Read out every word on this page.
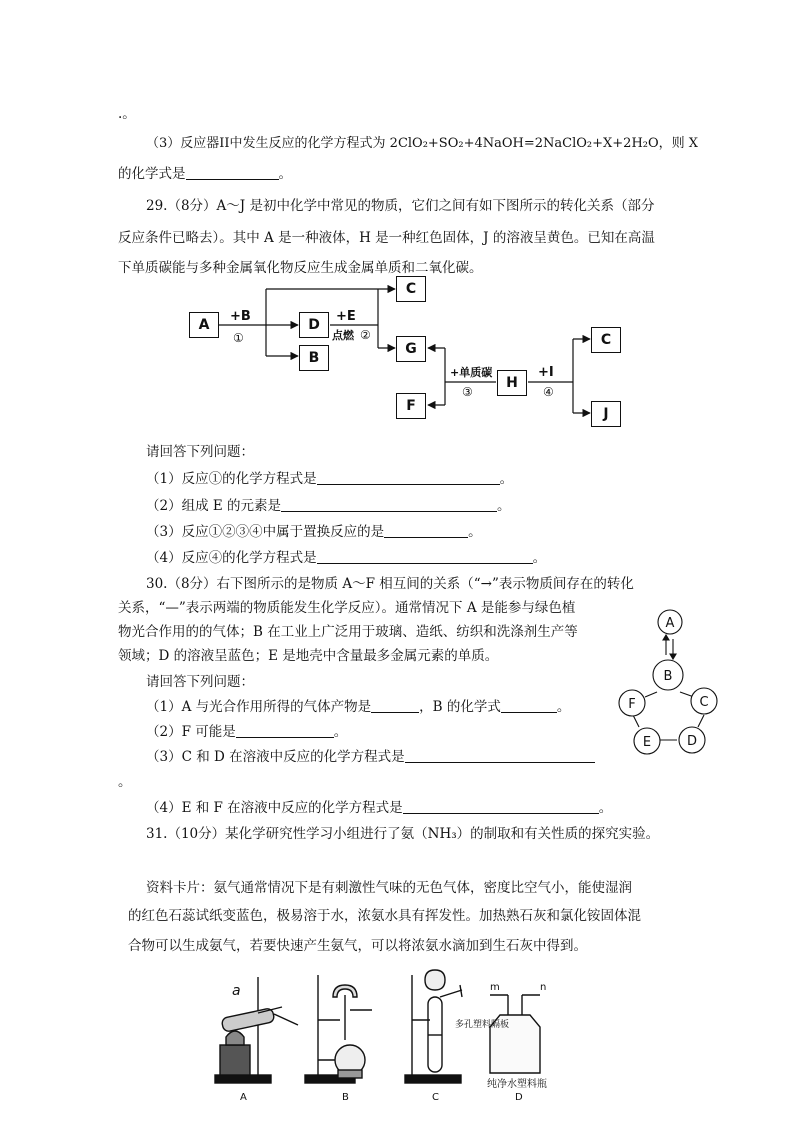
.。
（3）反应器II中发生反应的化学方程式为 2ClO₂+SO₂+4NaOH=2NaClO₂+X+2H₂O，则 X
的化学式是	。
29.（8分）A～J 是初中化学中常见的物质，它们之间有如下图所示的转化关系（部分
反应条件已略去）。其中 A 是一种液体，H 是一种红色固体，J 的溶液呈黄色。已知在高温
下单质碳能与多种金属氧化物反应生成金属单质和二氧化碳。
+B
①
+E
点燃 ②
+单质碳
③
+I
④
A	D
B
C
G
F
H
C
J
请回答下列问题：
（1）反应①的化学方程式是	。
（2）组成 E 的元素是	。
（3）反应①②③④中属于置换反应的是	。
（4）反应④的化学方程式是	。
30.（8分）右下图所示的是物质 A～F 相互间的关系（“→”表示物质间存在的转化
关系，“—”表示两端的物质能发生化学反应）。通常情况下 A 是能参与绿色植
物光合作用的的气体；B 在工业上广泛用于玻璃、造纸、纺织和洗涤剂生产等
领域；D 的溶液呈蓝色；E 是地壳中含量最多金属元素的单质。
请回答下列问题：
（1）A 与光合作用所得的气体产物是	，B 的化学式	。
（2）F 可能是	。
（3）C 和 D 在溶液中反应的化学方程式是
。
（4）E 和 F 在溶液中反应的化学方程式是	。
A
B
F	C
E	D
31.（10分）某化学研究性学习小组进行了氨（NH₃）的制取和有关性质的探究实验。
资料卡片：氨气通常情况下是有刺激性气味的无色气体，密度比空气小，能使湿润
的红色石蕊试纸变蓝色，极易溶于水，浓氨水具有挥发性。加热熟石灰和氯化铵固体混
合物可以生成氨气，若要快速产生氨气，可以将浓氨水滴加到生石灰中得到。
a
多孔塑料隔板
m	n
纯净水塑料瓶
A	B	C	D
